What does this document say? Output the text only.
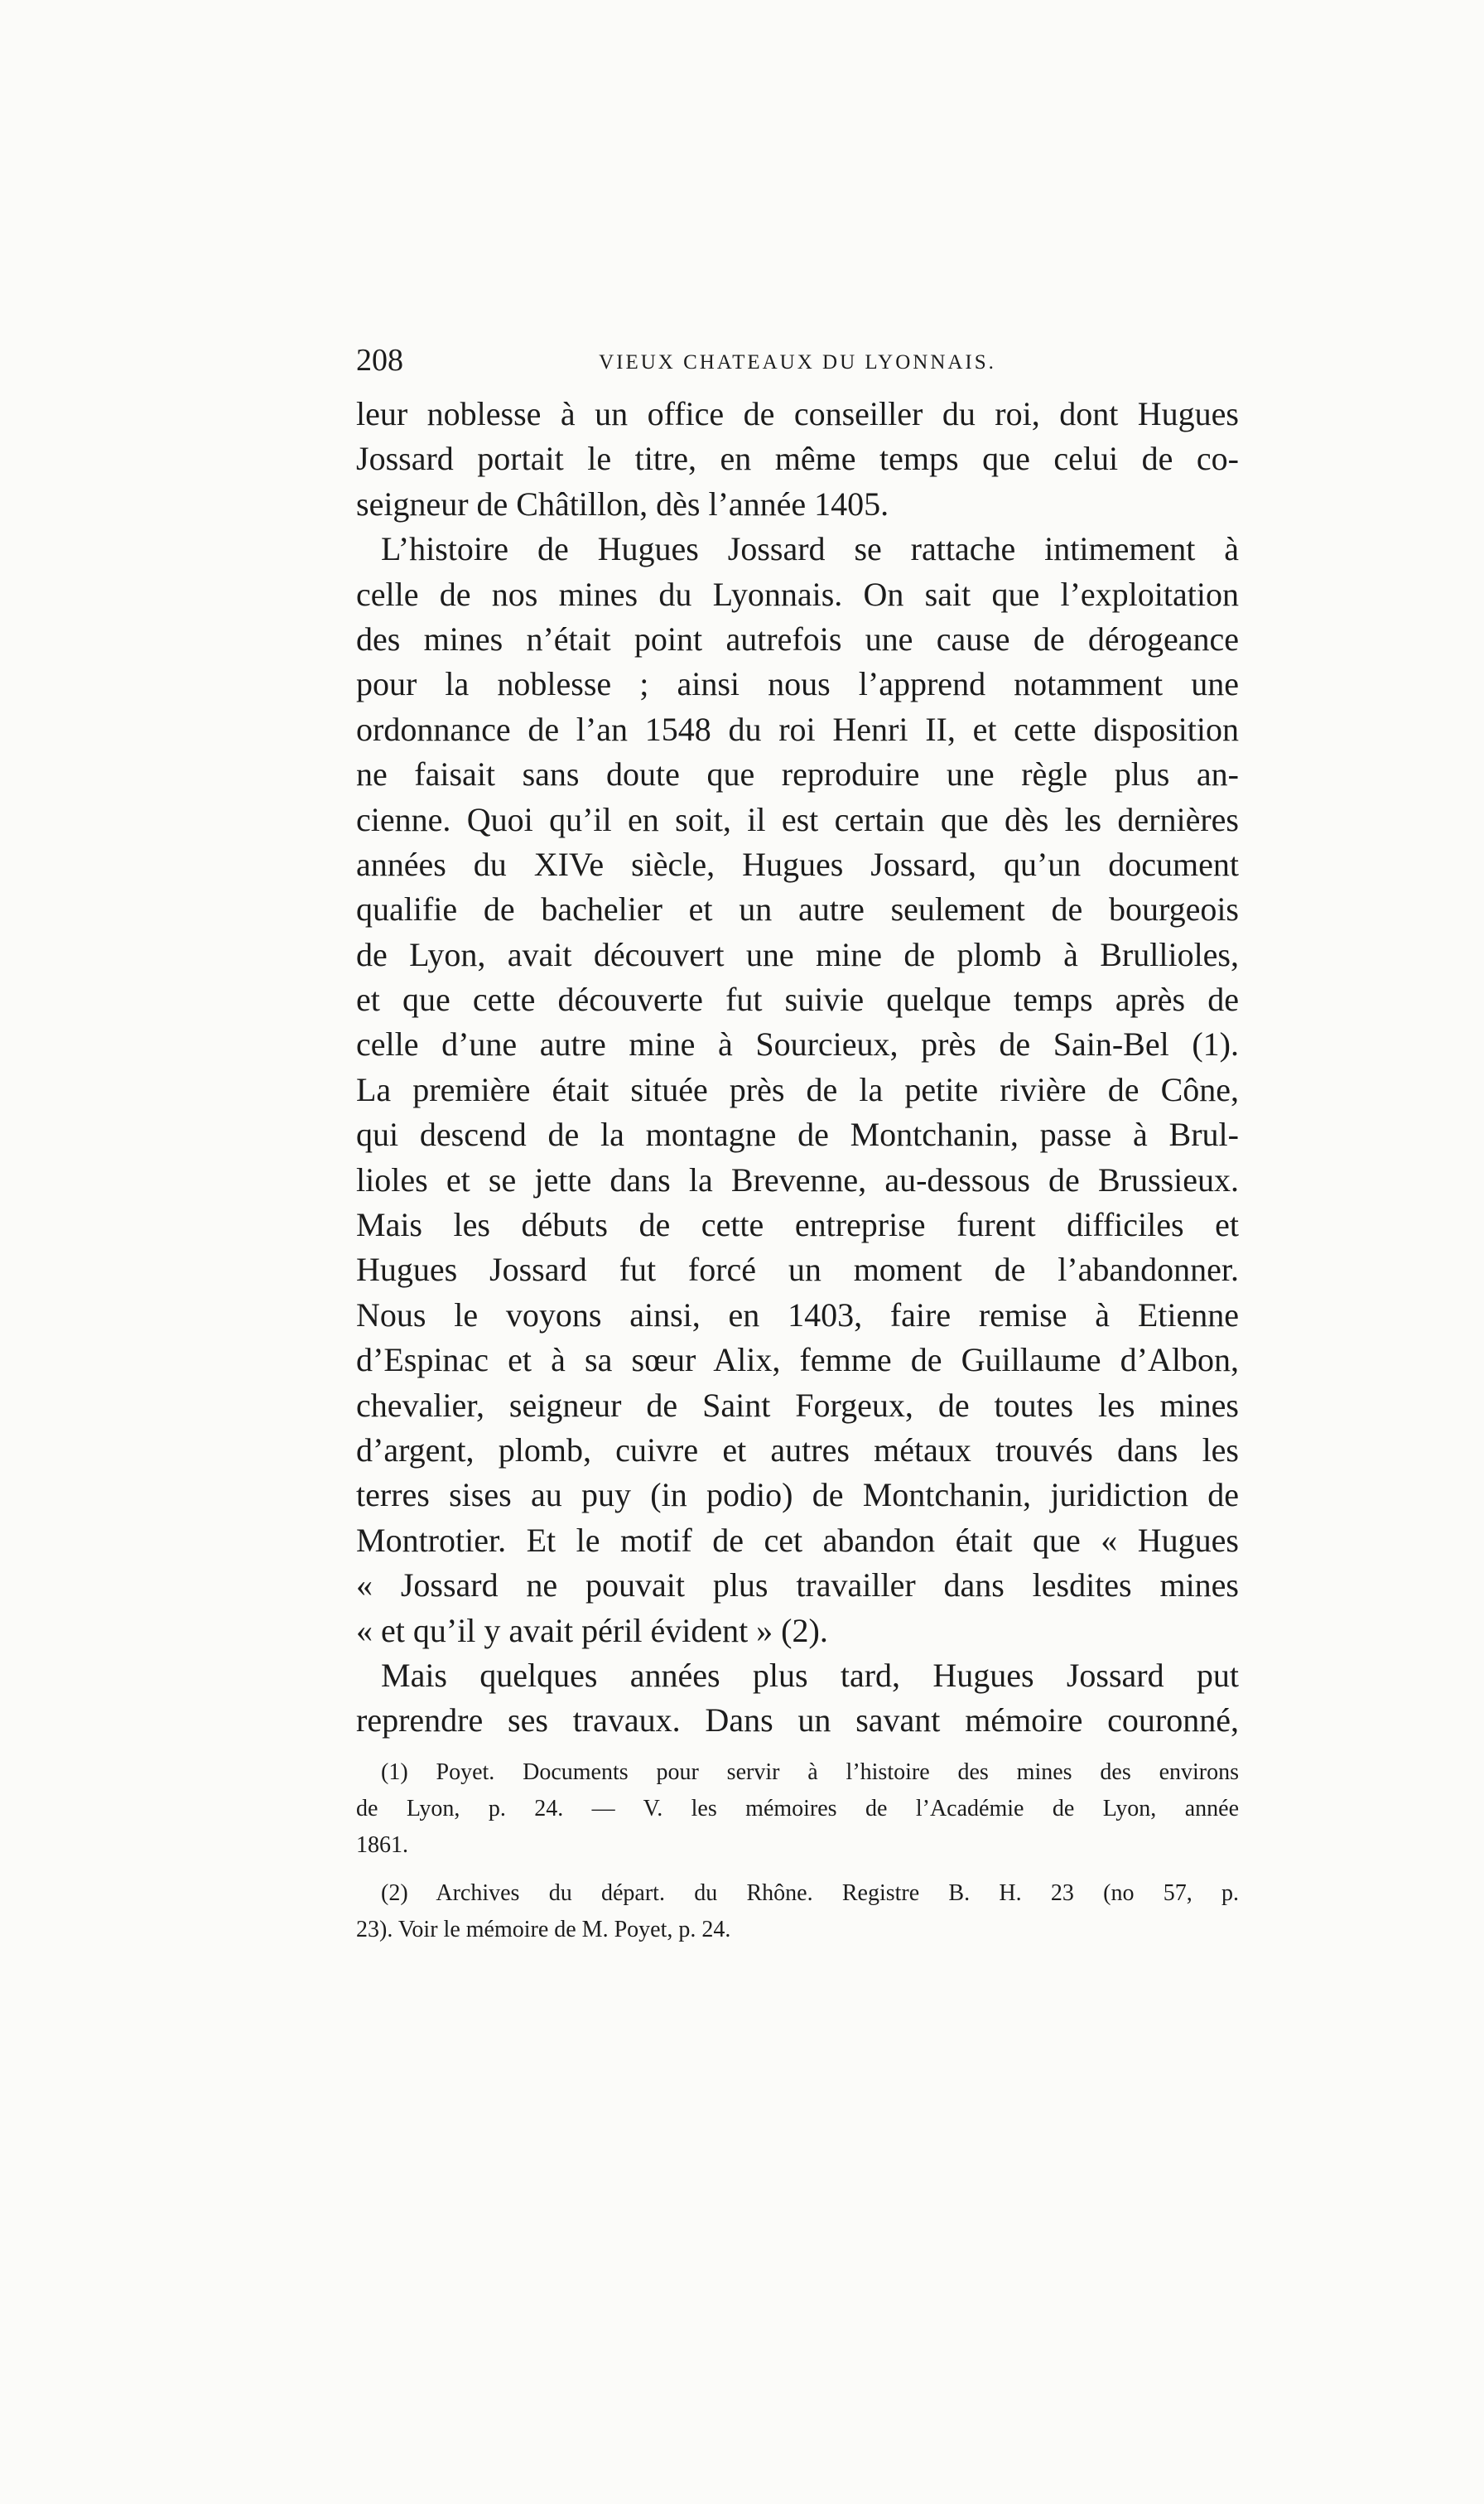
208	VIEUX CHATEAUX DU LYONNAIS.
leur noblesse à un office de conseiller du roi, dont Hugues
Jossard portait le titre, en même temps que celui de co-
seigneur de Châtillon, dès l’année 1405.
L’histoire de Hugues Jossard se rattache intimement à
celle de nos mines du Lyonnais. On sait que l’exploitation
des mines n’était point autrefois une cause de dérogeance
pour la noblesse ; ainsi nous l’apprend notamment une
ordonnance de l’an 1548 du roi Henri II, et cette disposition
ne faisait sans doute que reproduire une règle plus an-
cienne. Quoi qu’il en soit, il est certain que dès les dernières
années du XIVe siècle, Hugues Jossard, qu’un document
qualifie de bachelier et un autre seulement de bourgeois
de Lyon, avait découvert une mine de plomb à Brullioles,
et que cette découverte fut suivie quelque temps après de
celle d’une autre mine à Sourcieux, près de Sain-Bel (1).
La première était située près de la petite rivière de Cône,
qui descend de la montagne de Montchanin, passe à Brul-
lioles et se jette dans la Brevenne, au-dessous de Brussieux.
Mais les débuts de cette entreprise furent difficiles et
Hugues Jossard fut forcé un moment de l’abandonner.
Nous le voyons ainsi, en 1403, faire remise à Etienne
d’Espinac et à sa sœur Alix, femme de Guillaume d’Albon,
chevalier, seigneur de Saint Forgeux, de toutes les mines
d’argent, plomb, cuivre et autres métaux trouvés dans les
terres sises au puy (in podio) de Montchanin, juridiction de
Montrotier. Et le motif de cet abandon était que « Hugues
« Jossard ne pouvait plus travailler dans lesdites mines
« et qu’il y avait péril évident » (2).
Mais quelques années plus tard, Hugues Jossard put
reprendre ses travaux. Dans un savant mémoire couronné,
(1) Poyet. Documents pour servir à l’histoire des mines des environs
de Lyon, p. 24. — V. les mémoires de l’Académie de Lyon, année
1861.
(2) Archives du départ. du Rhône. Registre B. H. 23 (no 57, p.
23). Voir le mémoire de M. Poyet, p. 24.
